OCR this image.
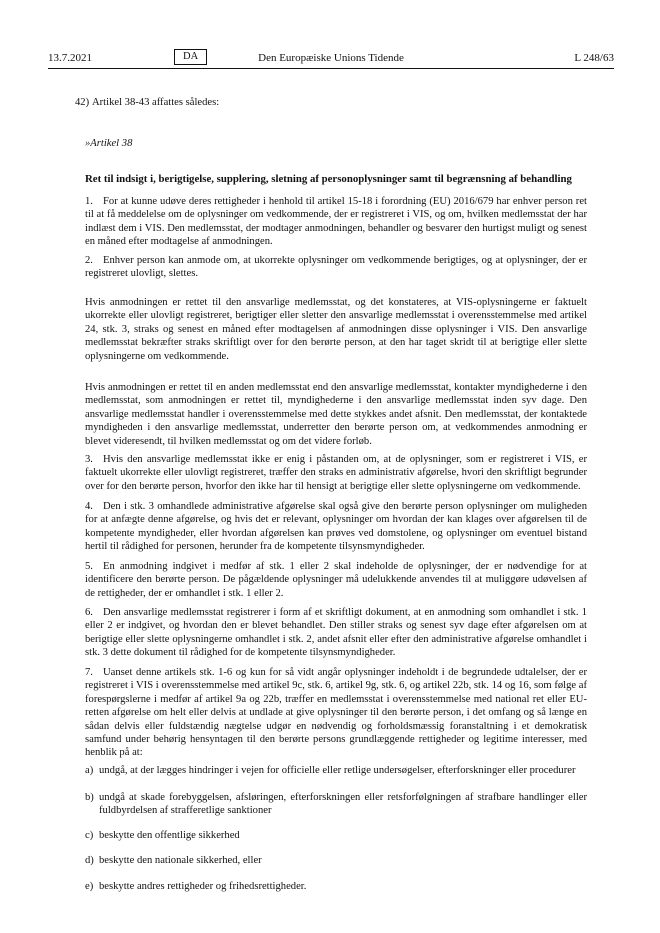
13.7.2021	DA	Den Europæiske Unions Tidende	L 248/63
42) Artikel 38-43 affattes således:
»Artikel 38
Ret til indsigt i, berigtigelse, supplering, sletning af personoplysninger samt til begrænsning af behandling

1. For at kunne udøve deres rettigheder i henhold til artikel 15-18 i forordning (EU) 2016/679 har enhver person ret til at få meddelelse om de oplysninger om vedkommende, der er registreret i VIS, og om, hvilken medlemsstat der har indlæst dem i VIS. Den medlemsstat, der modtager anmodningen, behandler og besvarer den hurtigst muligt og senest en måned efter modtagelse af anmodningen.

2. Enhver person kan anmode om, at ukorrekte oplysninger om vedkommende berigtiges, og at oplysninger, der er registreret ulovligt, slettes.

Hvis anmodningen er rettet til den ansvarlige medlemsstat, og det konstateres, at VIS-oplysningerne er faktuelt ukorrekte eller ulovligt registreret, berigtiger eller sletter den ansvarlige medlemsstat i overensstemmelse med artikel 24, stk. 3, straks og senest en måned efter modtagelsen af anmodningen disse oplysninger i VIS. Den ansvarlige medlemsstat bekræfter straks skriftligt over for den berørte person, at den har taget skridt til at berigtige eller slette oplysningerne om vedkommende.

Hvis anmodningen er rettet til en anden medlemsstat end den ansvarlige medlemsstat, kontakter myndighederne i den medlemsstat, som anmodningen er rettet til, myndighederne i den ansvarlige medlemsstat inden syv dage. Den ansvarlige medlemsstat handler i overensstemmelse med dette stykkes andet afsnit. Den medlemsstat, der kontaktede myndigheden i den ansvarlige medlemsstat, underretter den berørte person om, at vedkommendes anmodning er blevet videresendt, til hvilken medlemsstat og om det videre forløb.

3. Hvis den ansvarlige medlemsstat ikke er enig i påstanden om, at de oplysninger, som er registreret i VIS, er faktuelt ukorrekte eller ulovligt registreret, træffer den straks en administrativ afgørelse, hvori den skriftligt begrunder over for den berørte person, hvorfor den ikke har til hensigt at berigtige eller slette oplysningerne om vedkommende.

4. Den i stk. 3 omhandlede administrative afgørelse skal også give den berørte person oplysninger om muligheden for at anfægte denne afgørelse, og hvis det er relevant, oplysninger om hvordan der kan klages over afgørelsen til de kompetente myndigheder, eller hvordan afgørelsen kan prøves ved domstolene, og oplysninger om eventuel bistand hertil til rådighed for personen, herunder fra de kompetente tilsynsmyndigheder.

5. En anmodning indgivet i medfør af stk. 1 eller 2 skal indeholde de oplysninger, der er nødvendige for at identificere den berørte person. De pågældende oplysninger må udelukkende anvendes til at muliggøre udøvelsen af de rettigheder, der er omhandlet i stk. 1 eller 2.

6. Den ansvarlige medlemsstat registrerer i form af et skriftligt dokument, at en anmodning som omhandlet i stk. 1 eller 2 er indgivet, og hvordan den er blevet behandlet. Den stiller straks og senest syv dage efter afgørelsen om at berigtige eller slette oplysningerne omhandlet i stk. 2, andet afsnit eller efter den administrative afgørelse omhandlet i stk. 3 dette dokument til rådighed for de kompetente tilsynsmyndigheder.

7. Uanset denne artikels stk. 1-6 og kun for så vidt angår oplysninger indeholdt i de begrundede udtalelser, der er registreret i VIS i overensstemmelse med artikel 9c, stk. 6, artikel 9g, stk. 6, og artikel 22b, stk. 14 og 16, som følge af forespørgslerne i medfør af artikel 9a og 22b, træffer en medlemsstat i overensstemmelse med national ret eller EU-retten afgørelse om helt eller delvis at undlade at give oplysninger til den berørte person, i det omfang og så længe en sådan delvis eller fuldstændig nægtelse udgør en nødvendig og forholdsmæssig foranstaltning i et demokratisk samfund under behørig hensyntagen til den berørte persons grundlæggende rettigheder og legitime interesser, med henblik på at:

a) undgå, at der lægges hindringer i vejen for officielle eller retlige undersøgelser, efterforskninger eller procedurer
b) undgå at skade forebyggelsen, afsløringen, efterforskningen eller retsforfølgningen af strafbare handlinger eller fuldbyrdelsen af strafferetlige sanktioner
c) beskytte den offentlige sikkerhed
d) beskytte den nationale sikkerhed, eller
e) beskytte andres rettigheder og frihedsrettigheder.
